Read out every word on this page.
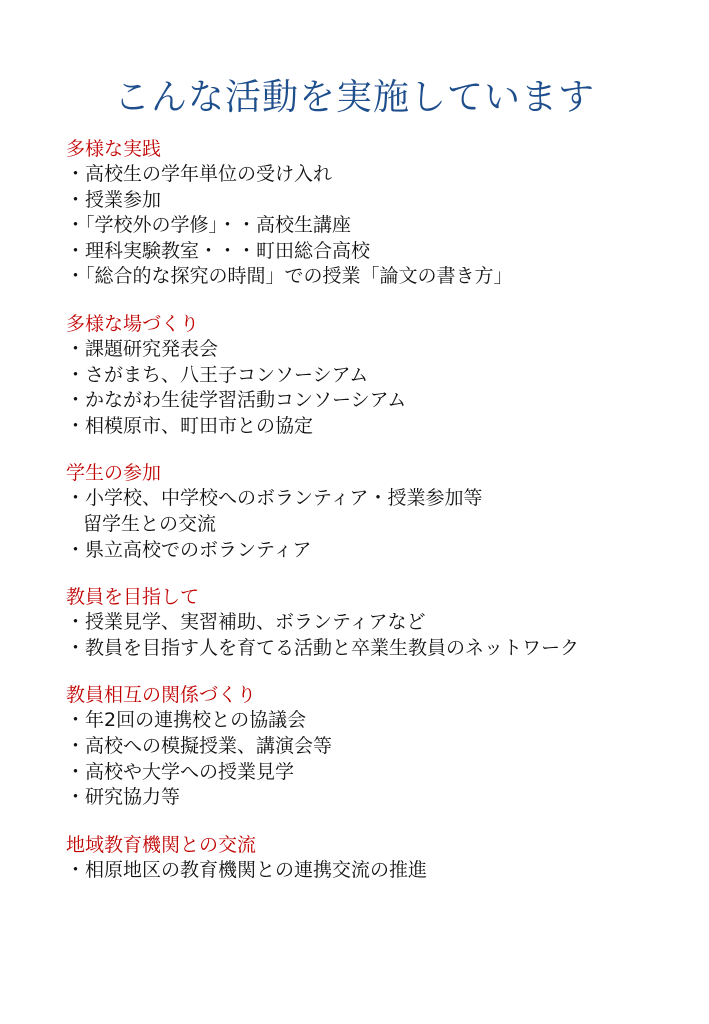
こんな活動を実施しています
多様な実践
・高校生の学年単位の受け入れ
・授業参加
・「学校外の学修」・・高校生講座
・理科実験教室・・・町田総合高校
・「総合的な探究の時間」での授業「論文の書き方」
多様な場づくり
・課題研究発表会
・さがまち、八王子コンソーシアム
・かながわ生徒学習活動コンソーシアム
・相模原市、町田市との協定
学生の参加
・小学校、中学校へのボランティア・授業参加等
留学生との交流
・県立高校でのボランティア
教員を目指して
・授業見学、実習補助、ボランティアなど
・教員を目指す人を育てる活動と卒業生教員のネットワーク
教員相互の関係づくり
・年2回の連携校との協議会
・高校への模擬授業、講演会等
・高校や大学への授業見学
・研究協力等
地域教育機関との交流
・相原地区の教育機関との連携交流の推進
